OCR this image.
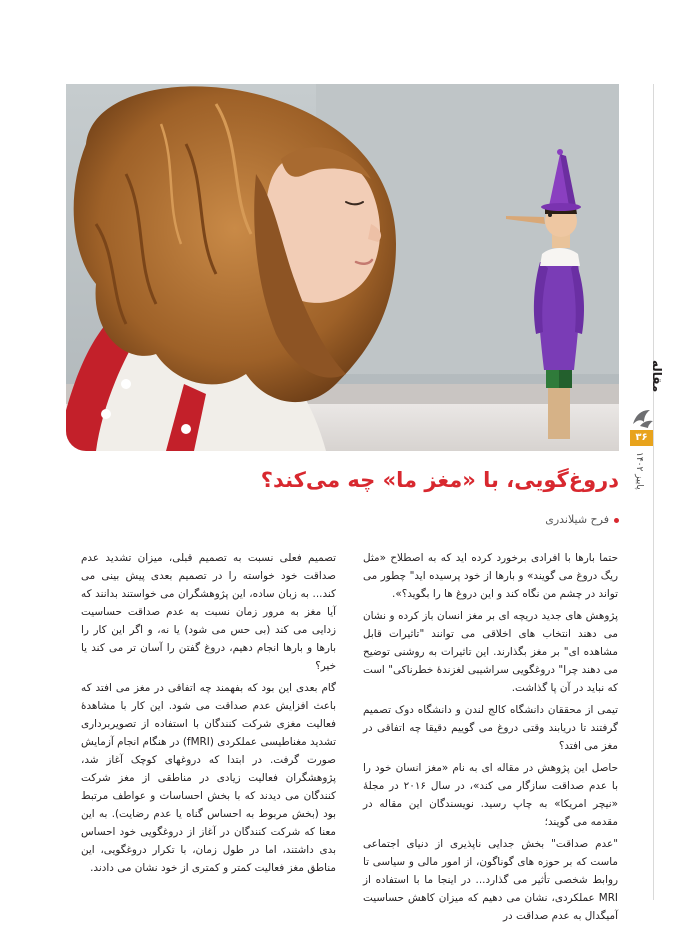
مقاله
۳۶
پاییز ۱۴۰۲
دروغ‌گویی، با «مغز ما» چه می‌کند؟
فرح شیلاندری

حتما بارها با افرادی برخورد کرده اید که به اصطلاح «مثل ریگ دروغ می گویند» و بارها از خود پرسیده اید" چطور می تواند در چشم من نگاه کند و این دروغ ها را بگوید؟».

پژوهش های جدید دریچه ای بر مغز انسان باز کرده و نشان می دهند انتخاب های اخلاقی می توانند "تاثیرات قابل مشاهده ای" بر مغز بگذارند. این تاثیرات به روشنی توضیح می دهند چرا" دروغگویی سراشیبی لغزندهٔ خطرناکی" است که نباید در آن پا گذاشت.

تیمی از محققان دانشگاه کالج لندن و دانشگاه دوک تصمیم گرفتند تا دریابند وقتی دروغ می گوییم دقیقا چه اتفاقی در مغز می افتد؟

حاصل این پژوهش در مقاله ای به نام «مغز انسان خود را با عدم صداقت سازگار می کند»، در سال ۲۰۱۶ در مجلهٔ «نیچر امریکا» به چاپ رسید. نویسندگان این مقاله در مقدمه می گویند؛

"عدم صداقت" بخش جدایی ناپذیری از دنیای اجتماعی ماست که بر حوزه های گوناگون، از امور مالی و سیاسی تا روابط شخصی تأثیر می گذارد... در اینجا ما با استفاده از MRI عملکردی، نشان می دهیم که میزان کاهش حساسیت آمیگدال به عدم صداقت در

تصمیم فعلی نسبت به تصمیم قبلی، میزان تشدید عدم صداقت خود خواسته را در تصمیم بعدی پیش بینی می کند... به زبان ساده، این پژوهشگران می خواستند بدانند که آیا مغز به مرور زمان نسبت به عدم صداقت حساسیت زدایی می کند (بی حس می شود) یا نه، و اگر این کار را بارها و بارها انجام دهیم، دروغ گفتن را آسان تر می کند یا خیر؟

گام بعدی این بود که بفهمند چه اتفاقی در مغز می افتد که باعث افزایش عدم صداقت می شود. این کار با مشاهدهٔ فعالیت مغزی شرکت کنندگان با استفاده از تصویربرداری تشدید مغناطیسی عملکردی (fMRI) در هنگام انجام آزمایش صورت گرفت. در ابتدا که دروغهای کوچک آغاز شد، پژوهشگران فعالیت زیادی در مناطقی از مغز شرکت کنندگان می دیدند که با بخش احساسات و عواطف مرتبط بود (بخش مربوط به احساس گناه یا عدم رضایت). به این معنا که شرکت کنندگان در آغاز از دروغگویی خود احساس بدی داشتند، اما در طول زمان، با تکرار دروغگویی، این مناطق مغز فعالیت کمتر و کمتری از خود نشان می دادند.
